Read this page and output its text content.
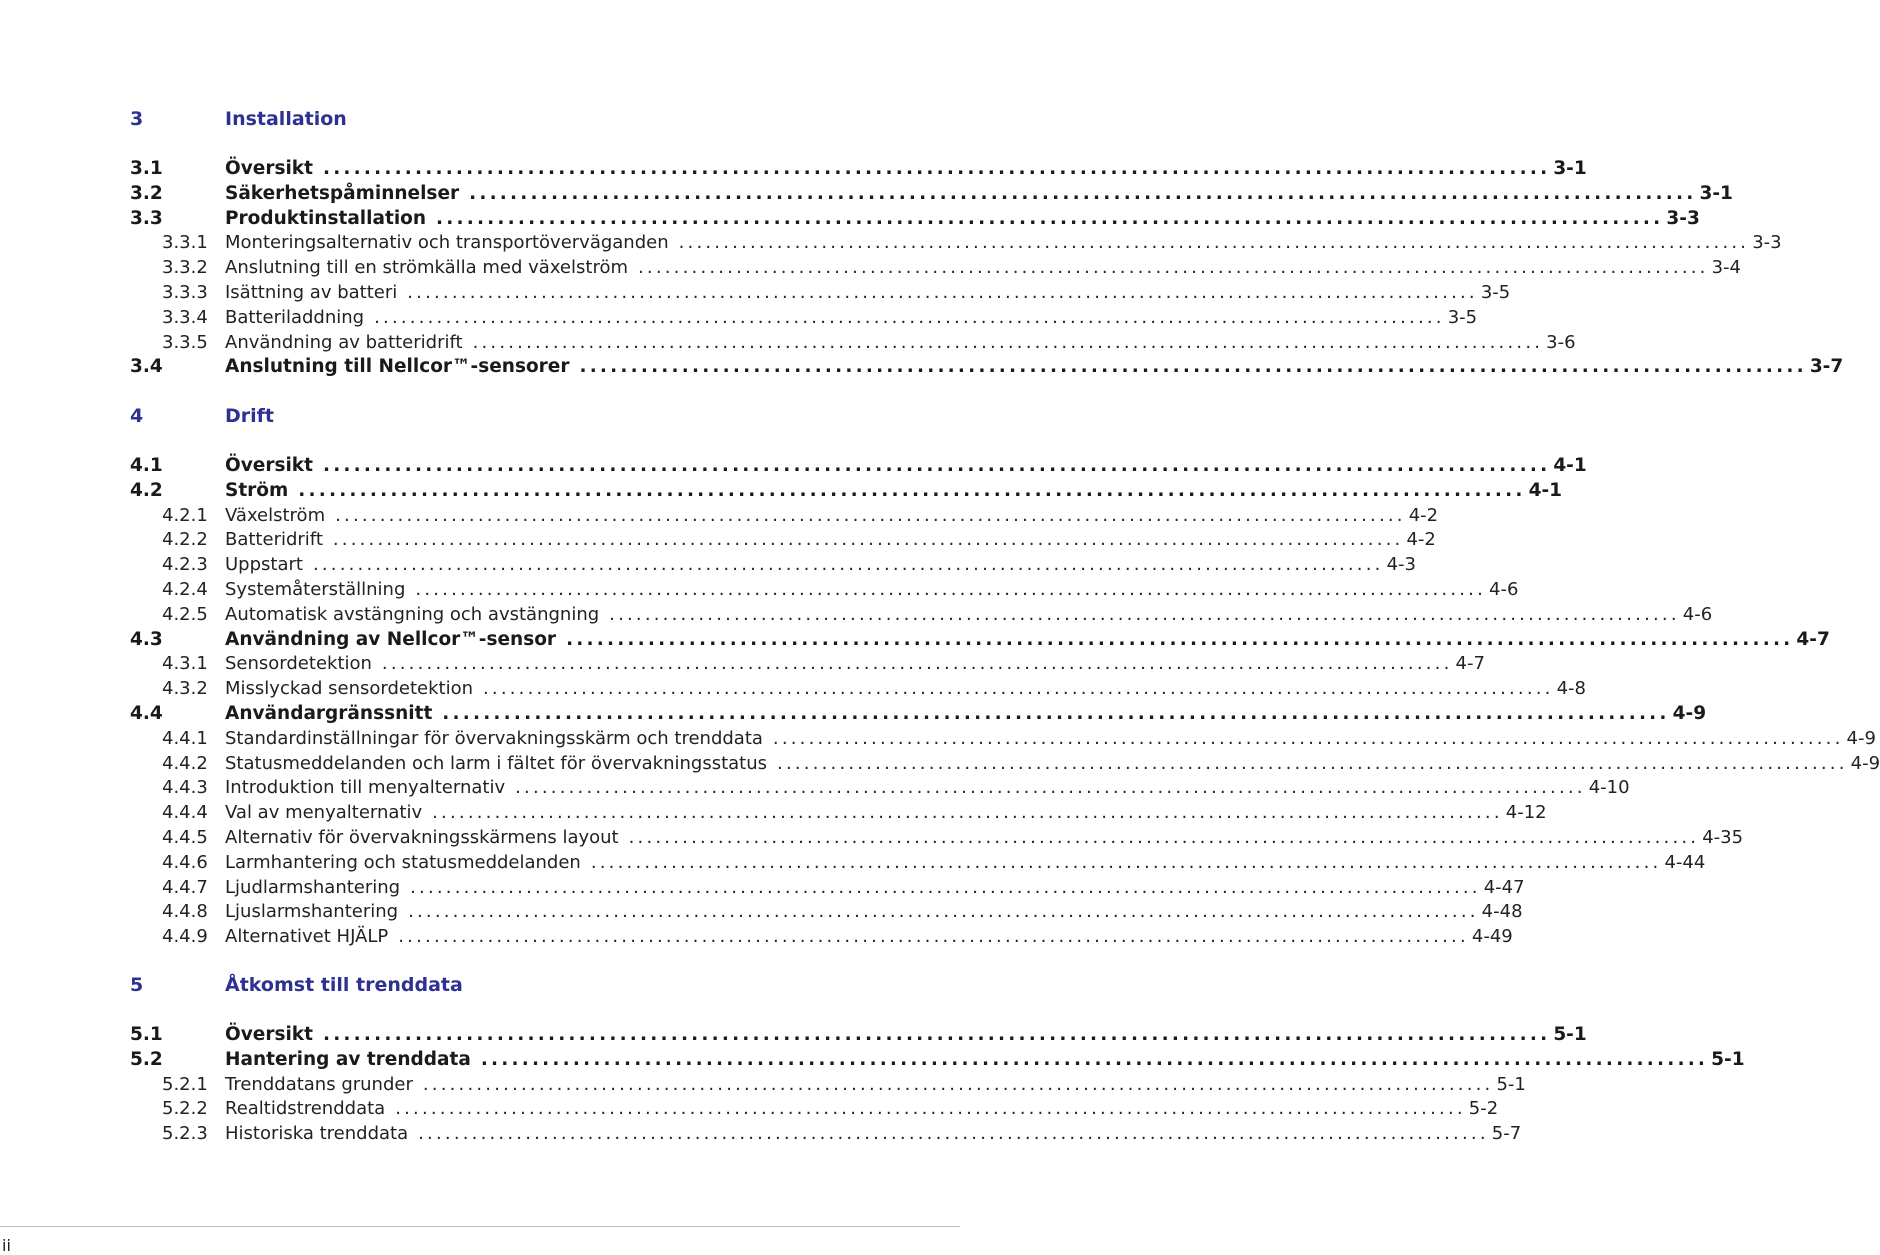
3	Installation
3.1	Översikt ........................................................................................................................ 3-1
3.2	Säkerhetspåminnelser ........................................................................................................................ 3-1
3.3	Produktinstallation ........................................................................................................................ 3-3
3.3.1 Monteringsalternativ och transportöverväganden ........................................................................................................................ 3-3
3.3.2 Anslutning till en strömkälla med växelström ........................................................................................................................ 3-4
3.3.3 Isättning av batteri ........................................................................................................................ 3-5
3.3.4 Batteriladdning ........................................................................................................................ 3-5
3.3.5 Användning av batteridrift ........................................................................................................................ 3-6
3.4	Anslutning till Nellcor™-sensorer ........................................................................................................................ 3-7
4	Drift
4.1	Översikt ........................................................................................................................ 4-1
4.2	Ström ........................................................................................................................ 4-1
4.2.1 Växelström ........................................................................................................................ 4-2
4.2.2 Batteridrift ........................................................................................................................ 4-2
4.2.3 Uppstart ........................................................................................................................ 4-3
4.2.4 Systemåterställning ........................................................................................................................ 4-6
4.2.5 Automatisk avstängning och avstängning ........................................................................................................................ 4-6
4.3	Användning av Nellcor™-sensor ........................................................................................................................ 4-7
4.3.1 Sensordetektion ........................................................................................................................ 4-7
4.3.2 Misslyckad sensordetektion ........................................................................................................................ 4-8
4.4	Användargränssnitt ........................................................................................................................ 4-9
4.4.1 Standardinställningar för övervakningsskärm och trenddata ........................................................................................................................ 4-9
4.4.2 Statusmeddelanden och larm i fältet för övervakningsstatus ........................................................................................................................ 4-9
4.4.3 Introduktion till menyalternativ ........................................................................................................................ 4-10
4.4.4 Val av menyalternativ ........................................................................................................................ 4-12
4.4.5 Alternativ för övervakningsskärmens layout ........................................................................................................................ 4-35
4.4.6 Larmhantering och statusmeddelanden ........................................................................................................................ 4-44
4.4.7 Ljudlarmshantering ........................................................................................................................ 4-47
4.4.8 Ljuslarmshantering ........................................................................................................................ 4-48
4.4.9 Alternativet HJÄLP ........................................................................................................................ 4-49
5	Åtkomst till trenddata
5.1	Översikt ........................................................................................................................ 5-1
5.2	Hantering av trenddata ........................................................................................................................ 5-1
5.2.1 Trenddatans grunder ........................................................................................................................ 5-1
5.2.2 Realtidstrenddata ........................................................................................................................ 5-2
5.2.3 Historiska trenddata ........................................................................................................................ 5-7
ii
